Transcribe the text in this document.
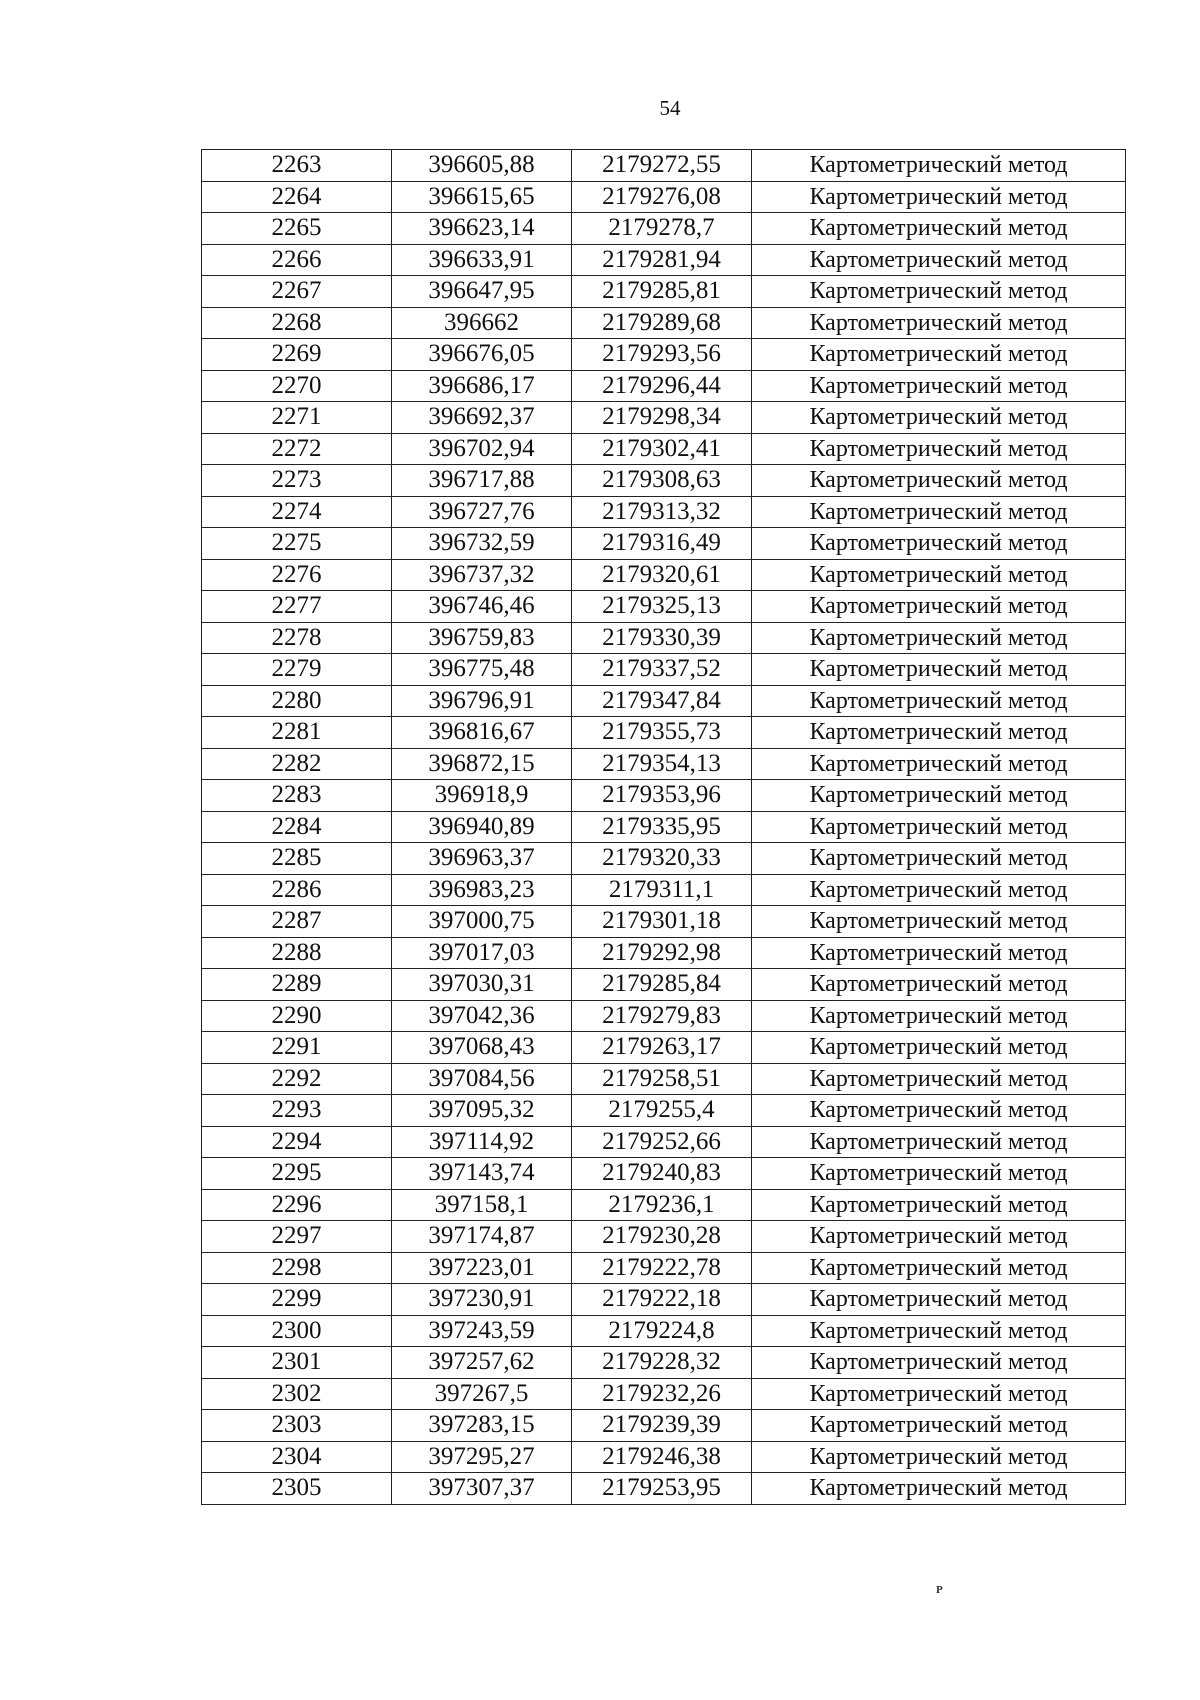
54
2263	396605,88	2179272,55	Картометрический метод
2264	396615,65	2179276,08	Картометрический метод
2265	396623,14	2179278,7	Картометрический метод
2266	396633,91	2179281,94	Картометрический метод
2267	396647,95	2179285,81	Картометрический метод
2268	396662	2179289,68	Картометрический метод
2269	396676,05	2179293,56	Картометрический метод
2270	396686,17	2179296,44	Картометрический метод
2271	396692,37	2179298,34	Картометрический метод
2272	396702,94	2179302,41	Картометрический метод
2273	396717,88	2179308,63	Картометрический метод
2274	396727,76	2179313,32	Картометрический метод
2275	396732,59	2179316,49	Картометрический метод
2276	396737,32	2179320,61	Картометрический метод
2277	396746,46	2179325,13	Картометрический метод
2278	396759,83	2179330,39	Картометрический метод
2279	396775,48	2179337,52	Картометрический метод
2280	396796,91	2179347,84	Картометрический метод
2281	396816,67	2179355,73	Картометрический метод
2282	396872,15	2179354,13	Картометрический метод
2283	396918,9	2179353,96	Картометрический метод
2284	396940,89	2179335,95	Картометрический метод
2285	396963,37	2179320,33	Картометрический метод
2286	396983,23	2179311,1	Картометрический метод
2287	397000,75	2179301,18	Картометрический метод
2288	397017,03	2179292,98	Картометрический метод
2289	397030,31	2179285,84	Картометрический метод
2290	397042,36	2179279,83	Картометрический метод
2291	397068,43	2179263,17	Картометрический метод
2292	397084,56	2179258,51	Картометрический метод
2293	397095,32	2179255,4	Картометрический метод
2294	397114,92	2179252,66	Картометрический метод
2295	397143,74	2179240,83	Картометрический метод
2296	397158,1	2179236,1	Картометрический метод
2297	397174,87	2179230,28	Картометрический метод
2298	397223,01	2179222,78	Картометрический метод
2299	397230,91	2179222,18	Картометрический метод
2300	397243,59	2179224,8	Картометрический метод
2301	397257,62	2179228,32	Картометрический метод
2302	397267,5	2179232,26	Картометрический метод
2303	397283,15	2179239,39	Картометрический метод
2304	397295,27	2179246,38	Картометрический метод
2305	397307,37	2179253,95	Картометрический метод
P
